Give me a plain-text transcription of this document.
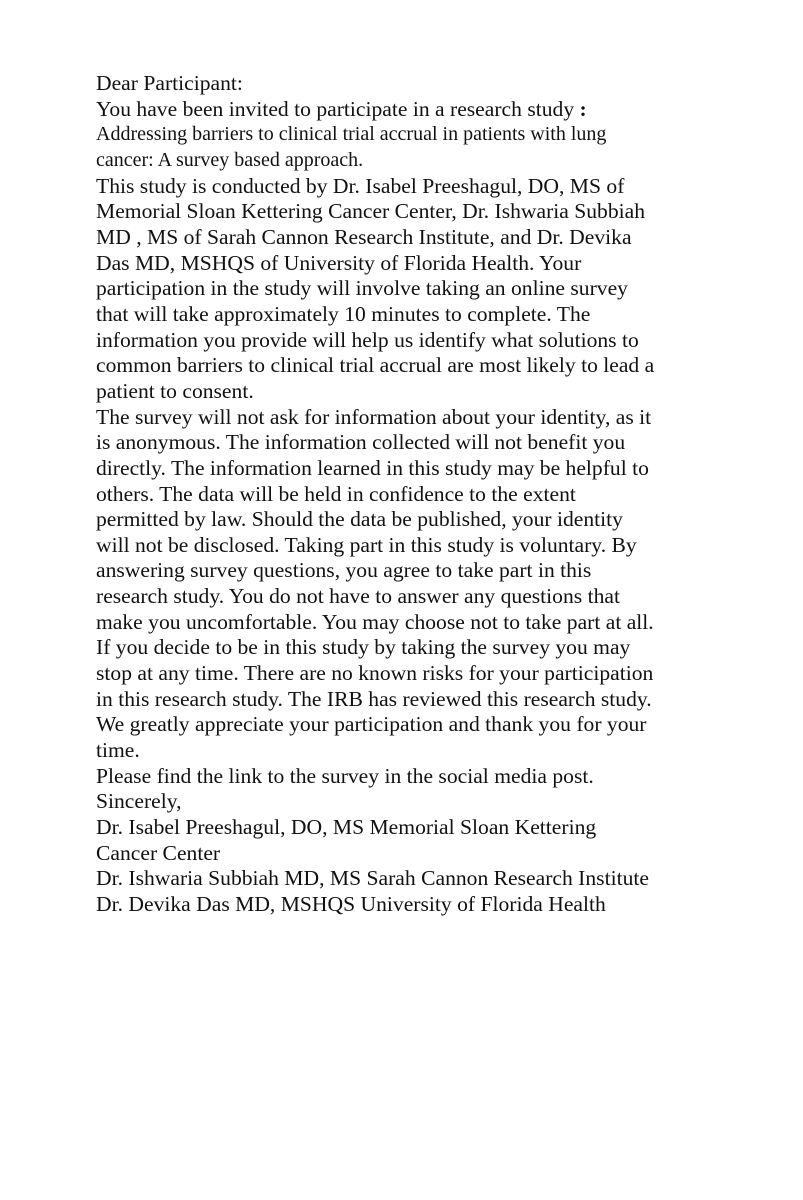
Dear Participant:
You have been invited to participate in a research study :
Addressing barriers to clinical trial accrual in patients with lung
cancer: A survey based approach.
This study is conducted by Dr. Isabel Preeshagul, DO, MS of
Memorial Sloan Kettering Cancer Center, Dr. Ishwaria Subbiah
MD , MS of Sarah Cannon Research Institute, and Dr. Devika
Das MD, MSHQS of University of Florida Health. Your
participation in the study will involve taking an online survey
that will take approximately 10 minutes to complete. The
information you provide will help us identify what solutions to
common barriers to clinical trial accrual are most likely to lead a
patient to consent.
The survey will not ask for information about your identity, as it
is anonymous. The information collected will not benefit you
directly. The information learned in this study may be helpful to
others. The data will be held in confidence to the extent
permitted by law. Should the data be published, your identity
will not be disclosed. Taking part in this study is voluntary. By
answering survey questions, you agree to take part in this
research study. You do not have to answer any questions that
make you uncomfortable. You may choose not to take part at all.
If you decide to be in this study by taking the survey you may
stop at any time. There are no known risks for your participation
in this research study. The IRB has reviewed this research study.
We greatly appreciate your participation and thank you for your
time.
Please find the link to the survey in the social media post.
Sincerely,
Dr. Isabel Preeshagul, DO, MS Memorial Sloan Kettering
Cancer Center
Dr. Ishwaria Subbiah MD, MS Sarah Cannon Research Institute
Dr. Devika Das MD, MSHQS University of Florida Health
